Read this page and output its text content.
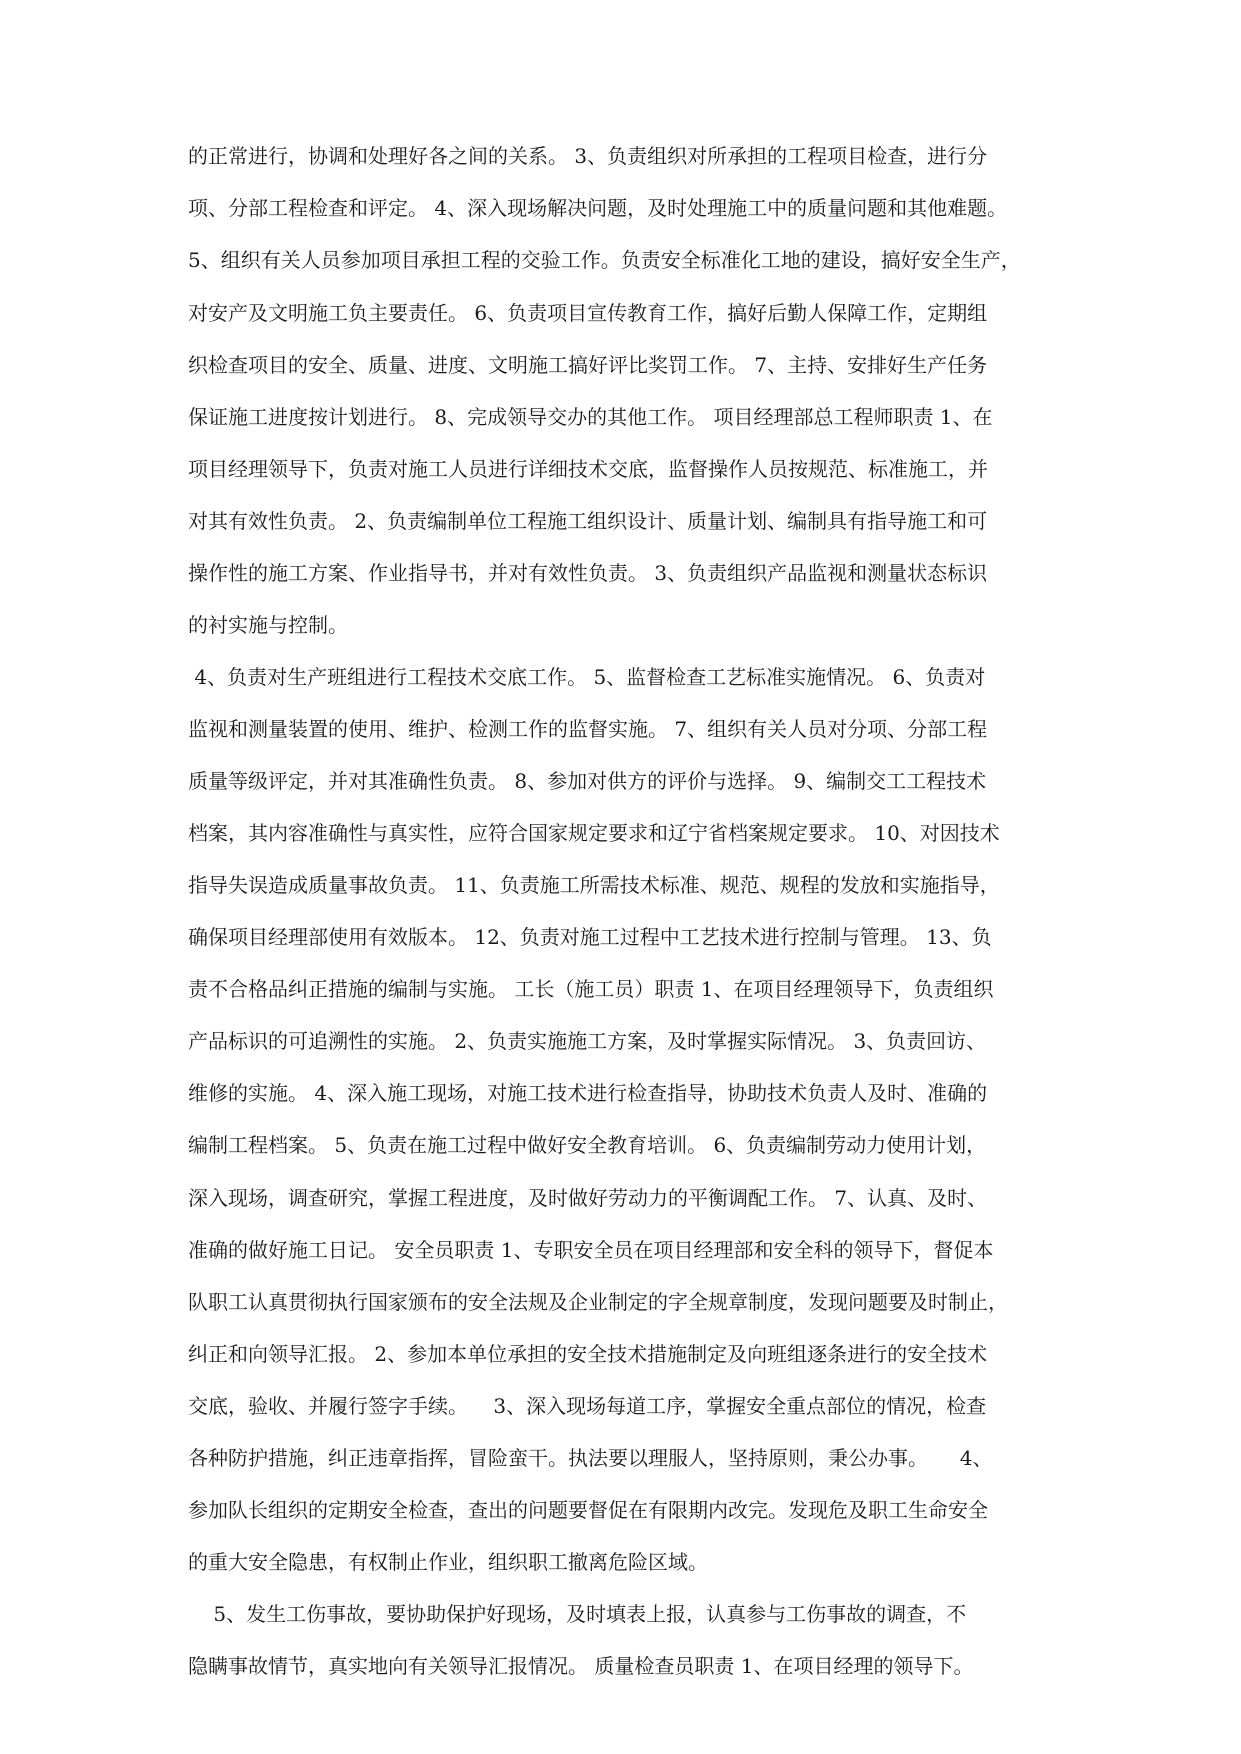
的正常进行，协调和处理好各之间的关系。 3、负责组织对所承担的工程项目检查，进行分
项、分部工程检查和评定。 4、深入现场解决问题，及时处理施工中的质量问题和其他难题。
5、组织有关人员参加项目承担工程的交验工作。负责安全标准化工地的建设，搞好安全生产，
对安产及文明施工负主要责任。 6、负责项目宣传教育工作，搞好后勤人保障工作，定期组
织检查项目的安全、质量、进度、文明施工搞好评比奖罚工作。 7、主持、安排好生产任务
保证施工进度按计划进行。 8、完成领导交办的其他工作。 项目经理部总工程师职责 1、在
项目经理领导下，负责对施工人员进行详细技术交底，监督操作人员按规范、标准施工，并
对其有效性负责。 2、负责编制单位工程施工组织设计、质量计划、编制具有指导施工和可
操作性的施工方案、作业指导书，并对有效性负责。 3、负责组织产品监视和测量状态标识
的衬实施与控制。
4、负责对生产班组进行工程技术交底工作。 5、监督检查工艺标准实施情况。 6、负责对
监视和测量装置的使用、维护、检测工作的监督实施。 7、组织有关人员对分项、分部工程
质量等级评定，并对其准确性负责。 8、参加对供方的评价与选择。 9、编制交工工程技术
档案，其内容准确性与真实性，应符合国家规定要求和辽宁省档案规定要求。 10、对因技术
指导失误造成质量事故负责。 11、负责施工所需技术标准、规范、规程的发放和实施指导，
确保项目经理部使用有效版本。 12、负责对施工过程中工艺技术进行控制与管理。 13、负
责不合格品纠正措施的编制与实施。 工长（施工员）职责 1、在项目经理领导下，负责组织
产品标识的可追溯性的实施。 2、负责实施施工方案，及时掌握实际情况。 3、负责回访、
维修的实施。 4、深入施工现场，对施工技术进行检查指导，协助技术负责人及时、准确的
编制工程档案。 5、负责在施工过程中做好安全教育培训。 6、负责编制劳动力使用计划，
深入现场，调查研究，掌握工程进度，及时做好劳动力的平衡调配工作。 7、认真、及时、
准确的做好施工日记。 安全员职责 1、专职安全员在项目经理部和安全科的领导下，督促本
队职工认真贯彻执行国家颁布的安全法规及企业制定的字全规章制度，发现问题要及时制止，
纠正和向领导汇报。 2、参加本单位承担的安全技术措施制定及向班组逐条进行的安全技术
交底，验收、并履行签字手续。    3、深入现场每道工序，掌握安全重点部位的情况，检查
各种防护措施，纠正违章指挥，冒险蛮干。执法要以理服人，坚持原则，秉公办事。     4、
参加队长组织的定期安全检查，查出的问题要督促在有限期内改完。发现危及职工生命安全
的重大安全隐患，有权制止作业，组织职工撤离危险区域。
5、发生工伤事故，要协助保护好现场，及时填表上报，认真参与工伤事故的调查，不
隐瞒事故情节，真实地向有关领导汇报情况。 质量检查员职责 1、在项目经理的领导下。
